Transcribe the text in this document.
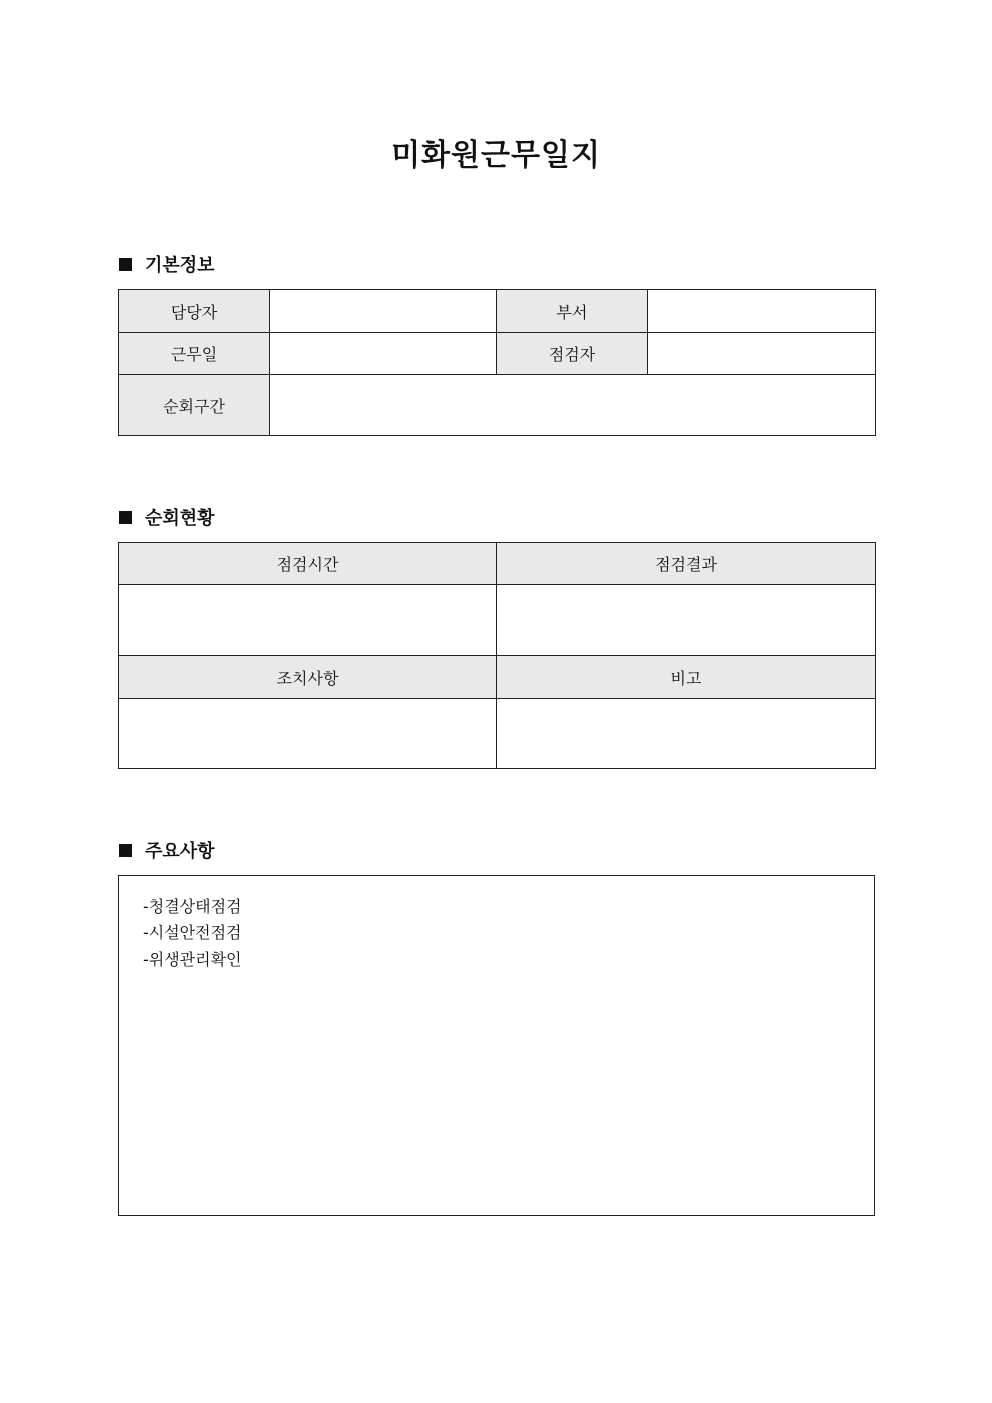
미화원근무일지
기본정보
담당자		부서	
근무일		점검자	
순회구간			
순회현황
점검시간	점검결과

조치사항	비고

주요사항
-청결상태점검
-시설안전점검
-위생관리확인
